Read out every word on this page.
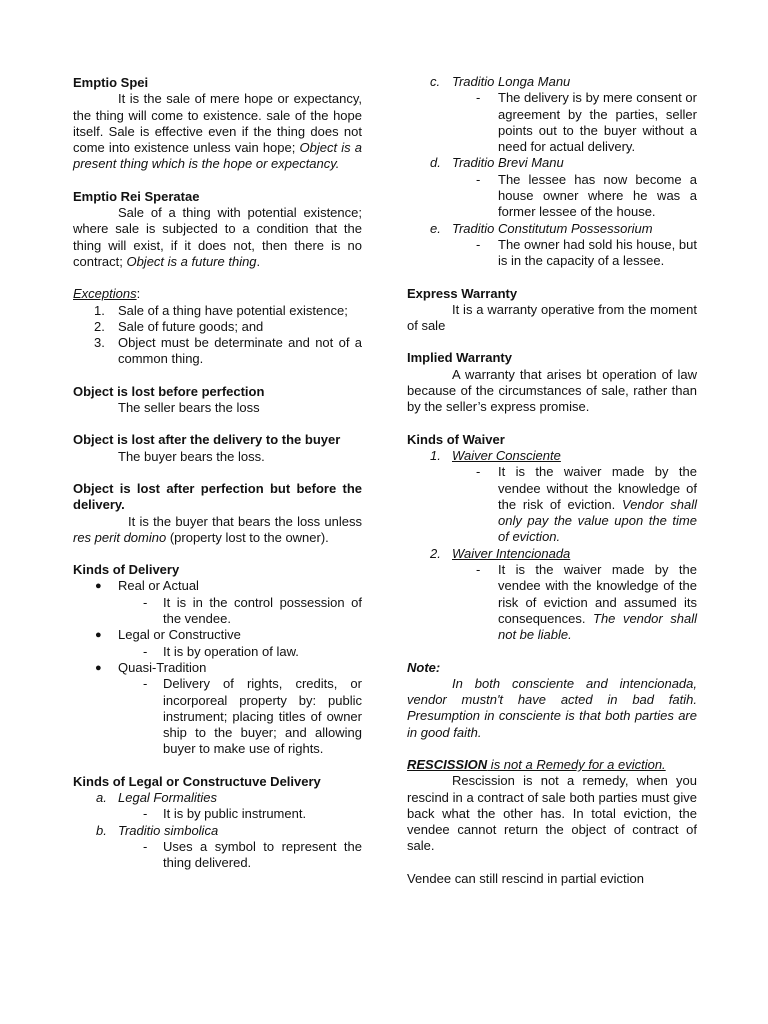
Emptio Spei

It is the sale of mere hope or expectancy, the thing will come to existence. sale of the hope itself. Sale is effective even if the thing does not come into existence unless vain hope; Object is a present thing which is the hope or expectancy.

Emptio Rei Speratae

Sale of a thing with potential existence; where sale is subjected to a condition that the thing will exist, if it does not, then there is no contract; Object is a future thing.

Exceptions:

1. Sale of a thing have potential existence;
2. Sale of future goods; and
3. Object must be determinate and not of a common thing.

Object is lost before perfection

The seller bears the loss

Object is lost after the delivery to the buyer

The buyer bears the loss.

Object is lost after perfection but before the delivery.

It is the buyer that bears the loss unless res perit domino (property lost to the owner).

Kinds of Delivery

● Real or Actual

- It is in the control possession of the vendee.

● Legal or Constructive

- It is by operation of law.

● Quasi-Tradition

- Delivery of rights, credits, or incorporeal property by: public instrument; placing titles of owner ship to the buyer; and allowing buyer to make use of rights.

Kinds of Legal or Constructuve Delivery

a. Legal Formalities

- It is by public instrument.

b. Traditio simbolica

- Uses a symbol to represent the thing delivered.

c. Traditio Longa Manu

- The delivery is by mere consent or agreement by the parties, seller points out to the buyer without a need for actual delivery.

d. Traditio Brevi Manu

- The lessee has now become a house owner where he was a former lessee of the house.

e. Traditio Constitutum Possessorium

- The owner had sold his house, but is in the capacity of a lessee.

Express Warranty

It is a warranty operative from the moment of sale

Implied Warranty

A warranty that arises bt operation of law because of the circumstances of sale, rather than by the seller’s express promise.

Kinds of Waiver

1. Waiver Consciente

- It is the waiver made by the vendee without the knowledge of the risk of eviction. Vendor shall only pay the value upon the time of eviction.

2. Waiver Intencionada

- It is the waiver made by the vendee with the knowledge of the risk of eviction and assumed its consequences. The vendor shall not be liable.

Note:

In both consciente and intencionada, vendor mustn't have acted in bad fatih. Presumption in consciente is that both parties are in good faith.

RESCISSION is not a Remedy for a eviction.

Rescission is not a remedy, when you rescind in a contract of sale both parties must give back what the other has. In total eviction, the vendee cannot return the object of contract of sale.

Vendee can still rescind in partial eviction
